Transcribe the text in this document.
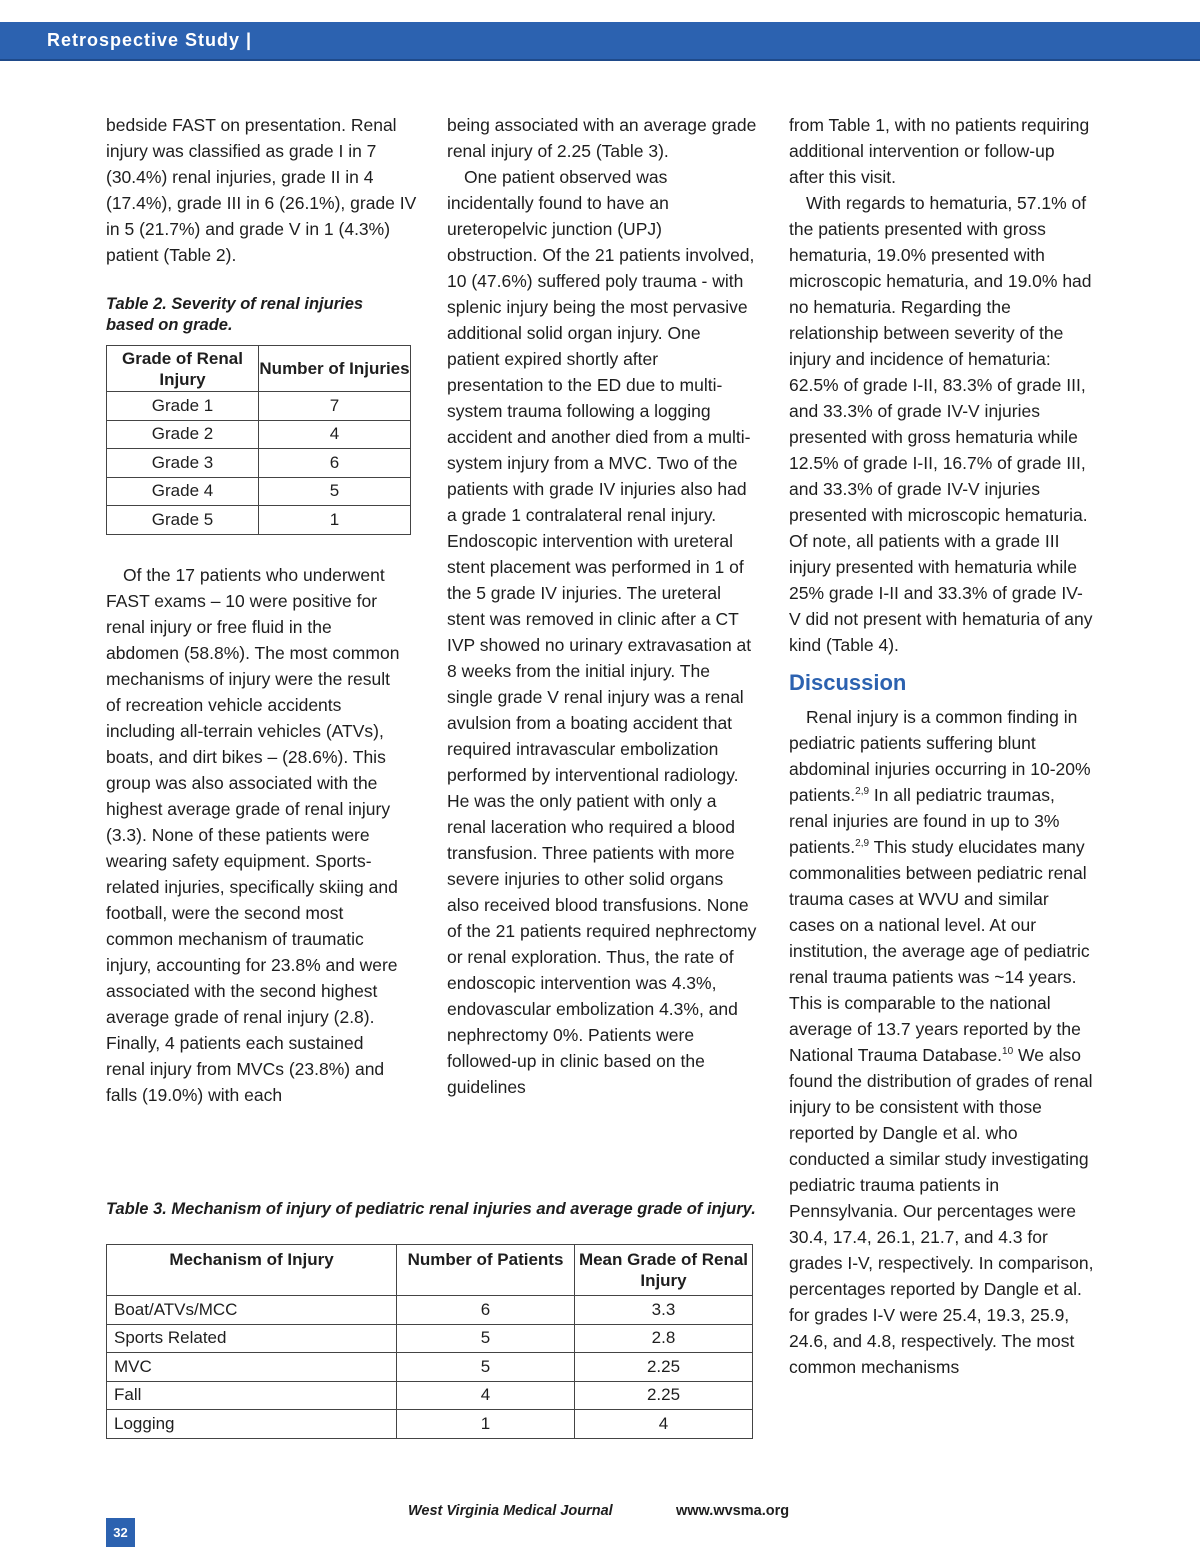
Retrospective Study |

bedside FAST on presentation. Renal injury was classified as grade I in 7 (30.4%) renal injuries, grade II in 4 (17.4%), grade III in 6 (26.1%), grade IV in 5 (21.7%) and grade V in 1 (4.3%) patient (Table 2).

Table 2. Severity of renal injuries based on grade.
Grade of Renal Injury	Number of Injuries
Grade 1	7
Grade 2	4
Grade 3	6
Grade 4	5
Grade 5	1

Of the 17 patients who underwent FAST exams – 10 were positive for renal injury or free fluid in the abdomen (58.8%). The most common mechanisms of injury were the result of recreation vehicle accidents including all-terrain vehicles (ATVs), boats, and dirt bikes – (28.6%). This group was also associated with the highest average grade of renal injury (3.3). None of these patients were wearing safety equipment. Sports-related injuries, specifically skiing and football, were the second most common mechanism of traumatic injury, accounting for 23.8% and were associated with the second highest average grade of renal injury (2.8). Finally, 4 patients each sustained renal injury from MVCs (23.8%) and falls (19.0%) with each

being associated with an average grade renal injury of 2.25 (Table 3).

One patient observed was incidentally found to have an ureteropelvic junction (UPJ) obstruction. Of the 21 patients involved, 10 (47.6%) suffered poly trauma - with splenic injury being the most pervasive additional solid organ injury. One patient expired shortly after presentation to the ED due to multi-system trauma following a logging accident and another died from a multi-system injury from a MVC. Two of the patients with grade IV injuries also had a grade 1 contralateral renal injury. Endoscopic intervention with ureteral stent placement was performed in 1 of the 5 grade IV injuries. The ureteral stent was removed in clinic after a CT IVP showed no urinary extravasation at 8 weeks from the initial injury. The single grade V renal injury was a renal avulsion from a boating accident that required intravascular embolization performed by interventional radiology. He was the only patient with only a renal laceration who required a blood transfusion. Three patients with more severe injuries to other solid organs also received blood transfusions. None of the 21 patients required nephrectomy or renal exploration. Thus, the rate of endoscopic intervention was 4.3%, endovascular embolization 4.3%, and nephrectomy 0%. Patients were followed-up in clinic based on the guidelines

Table 3. Mechanism of injury of pediatric renal injuries and average grade of injury.
Mechanism of Injury	Number of Patients	Mean Grade of Renal Injury
Boat/ATVs/MCC	6	3.3
Sports Related	5	2.8
MVC	5	2.25
Fall	4	2.25
Logging	1	4

from Table 1, with no patients requiring additional intervention or follow-up after this visit.

With regards to hematuria, 57.1% of the patients presented with gross hematuria, 19.0% presented with microscopic hematuria, and 19.0% had no hematuria. Regarding the relationship between severity of the injury and incidence of hematuria: 62.5% of grade I-II, 83.3% of grade III, and 33.3% of grade IV-V injuries presented with gross hematuria while 12.5% of grade I-II, 16.7% of grade III, and 33.3% of grade IV-V injuries presented with microscopic hematuria. Of note, all patients with a grade III injury presented with hematuria while 25% grade I-II and 33.3% of grade IV-V did not present with hematuria of any kind (Table 4).

Discussion

Renal injury is a common finding in pediatric patients suffering blunt abdominal injuries occurring in 10-20% patients.$^{2,9}$ In all pediatric traumas, renal injuries are found in up to 3% patients.$^{2,9}$ This study elucidates many commonalities between pediatric renal trauma cases at WVU and similar cases on a national level. At our institution, the average age of pediatric renal trauma patients was ~14 years. This is comparable to the national average of 13.7 years reported by the National Trauma Database.$^{10}$ We also found the distribution of grades of renal injury to be consistent with those reported by Dangle et al. who conducted a similar study investigating pediatric trauma patients in Pennsylvania. Our percentages were 30.4, 17.4, 26.1, 21.7, and 4.3 for grades I-V, respectively. In comparison, percentages reported by Dangle et al. for grades I-V were 25.4, 19.3, 25.9, 24.6, and 4.8, respectively. The most common mechanisms

32
West Virginia Medical Journal	www.wvsma.org
